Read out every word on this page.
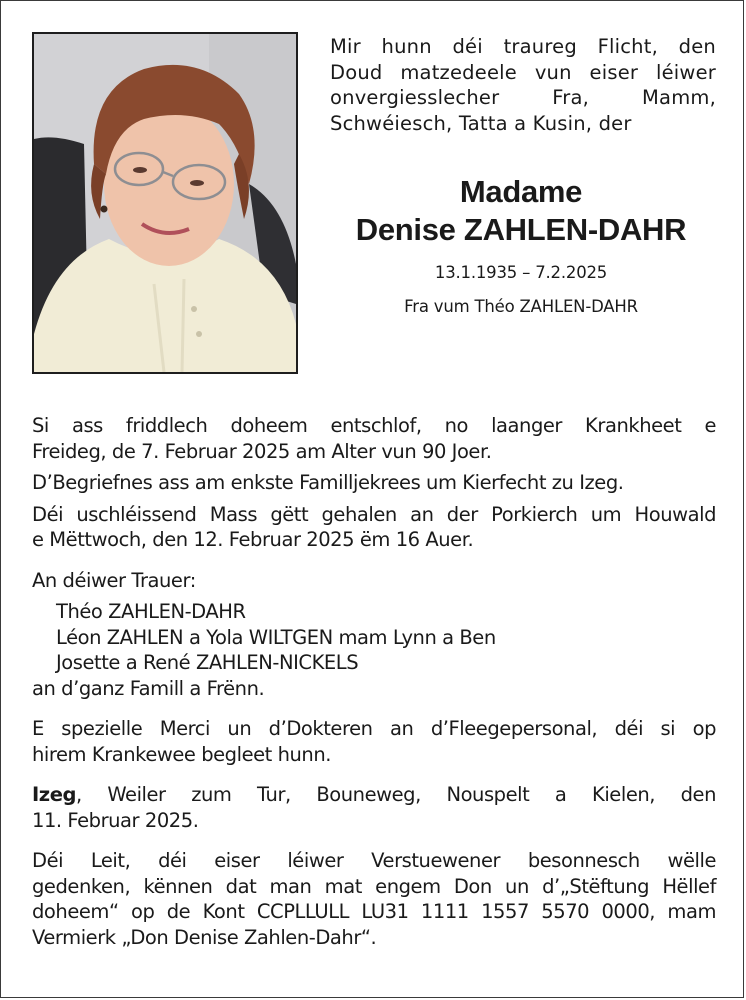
Mir hunn déi traureg Flicht, den
Doud matzedeele vun eiser léiwer
onvergiesslecher Fra, Mamm,
Schwéiesch, Tatta a Kusin, der
Madame
Denise ZAHLEN-DAHR
13.1.1935 – 7.2.2025
Fra vum Théo ZAHLEN-DAHR

Si ass friddlech doheem entschlof, no laanger Krankheet e
Freideg, de 7. Februar 2025 am Alter vun 90 Joer.

D’Begriefnes ass am enkste Familljekrees um Kierfecht zu Izeg.

Déi uschléissend Mass gëtt gehalen an der Porkierch um Houwald
e Mëttwoch, den 12. Februar 2025 ëm 16 Auer.

An déiwer Trauer:

Théo ZAHLEN-DAHR

Léon ZAHLEN a Yola WILTGEN mam Lynn a Ben

Josette a René ZAHLEN-NICKELS

an d’ganz Famill a Frënn.

E spezielle Merci un d’Dokteren an d’Fleegepersonal, déi si op
hirem Krankewee begleet hunn.

Izeg, Weiler zum Tur, Bouneweg, Nouspelt a Kielen, den
11. Februar 2025.

Déi Leit, déi eiser léiwer Verstuewener besonnesch wëlle
gedenken, kënnen dat man mat engem Don un d’„Stëftung Hëllef
doheem“ op de Kont CCPLLULL LU31 1111 1557 5570 0000, mam
Vermierk „Don Denise Zahlen-Dahr“.
